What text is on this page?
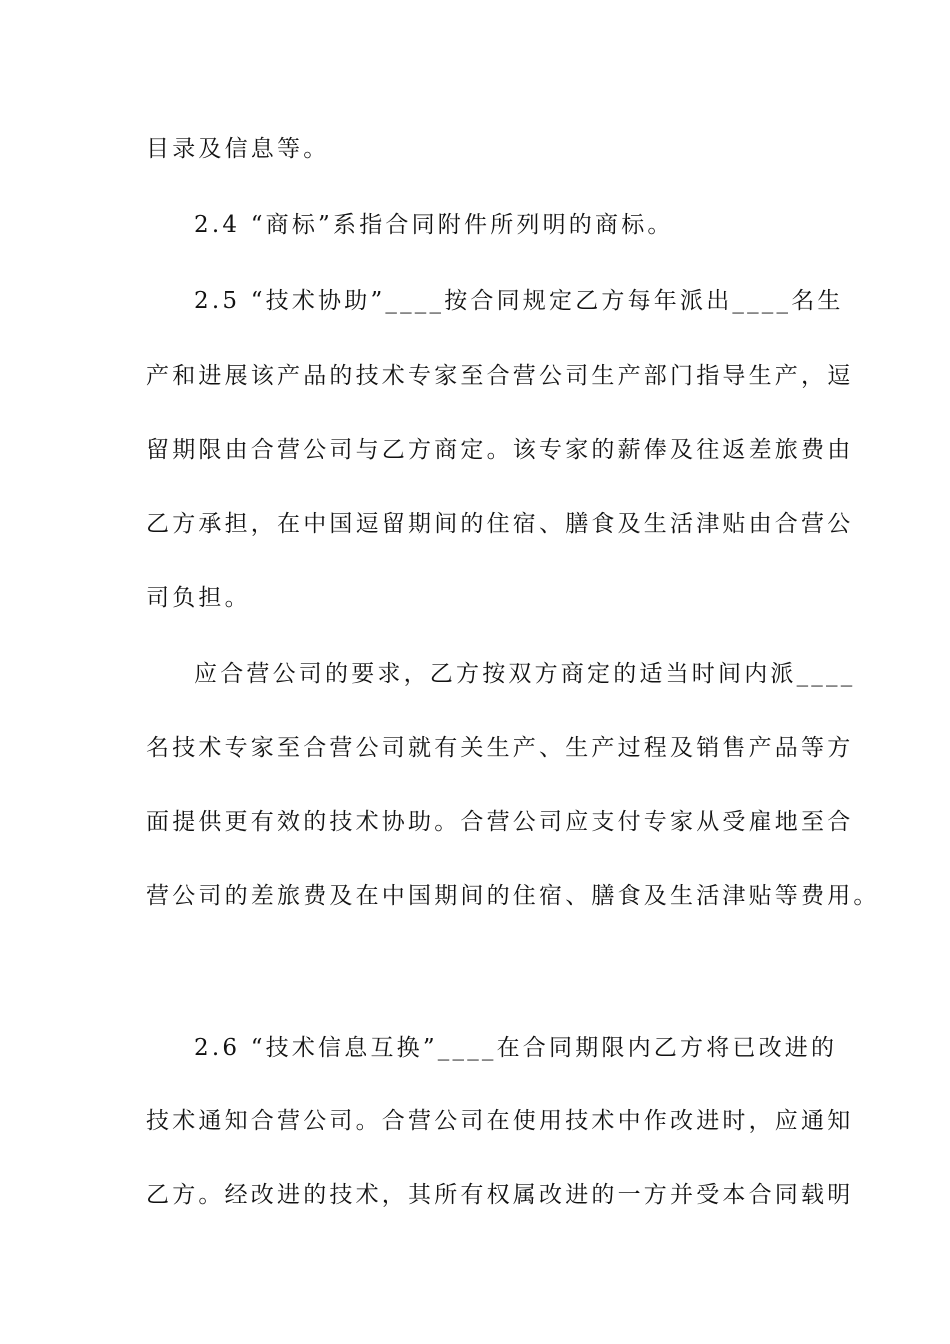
目录及信息等。
2.4 “商标”系指合同附件所列明的商标。
2.5 “技术协助”____按合同规定乙方每年派出____名生
产和进展该产品的技术专家至合营公司生产部门指导生产，逗
留期限由合营公司与乙方商定。该专家的薪俸及往返差旅费由
乙方承担，在中国逗留期间的住宿、膳食及生活津贴由合营公
司负担。
应合营公司的要求，乙方按双方商定的适当时间内派____
名技术专家至合营公司就有关生产、生产过程及销售产品等方
面提供更有效的技术协助。合营公司应支付专家从受雇地至合
营公司的差旅费及在中国期间的住宿、膳食及生活津贴等费用。
2.6 “技术信息互换”____在合同期限内乙方将已改进的
技术通知合营公司。合营公司在使用技术中作改进时，应通知
乙方。经改进的技术，其所有权属改进的一方并受本合同载明
